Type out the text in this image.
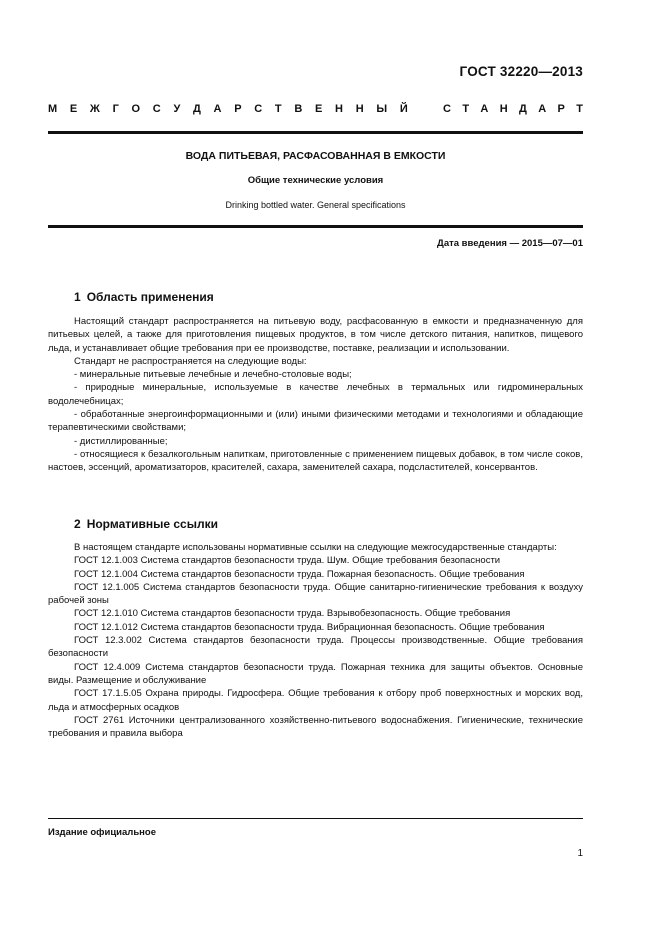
ГОСТ 32220—2013
М Е Ж Г О С У Д А Р С Т В Е Н Н Ы Й	С Т А Н Д А Р Т
ВОДА ПИТЬЕВАЯ, РАСФАСОВАННАЯ В ЕМКОСТИ
Общие технические условия
Drinking bottled water. General specifications
Дата введения — 2015—07—01
1 Область применения

Настоящий стандарт распространяется на питьевую воду, расфасованную в емкости и предназначенную для питьевых целей, а также для приготовления пищевых продуктов, в том числе детского питания, напитков, пищевого льда, и устанавливает общие требования при ее производстве, поставке, реализации и использовании.

Стандарт не распространяется на следующие воды:

- минеральные питьевые лечебные и лечебно-столовые воды;

- природные минеральные, используемые в качестве лечебных в термальных или гидроминеральных водолечебницах;

- обработанные энергоинформационными и (или) иными физическими методами и технологиями и обладающие терапевтическими свойствами;

- дистиллированные;

- относящиеся к безалкогольным напиткам, приготовленные с применением пищевых добавок, в том числе соков, настоев, эссенций, ароматизаторов, красителей, сахара, заменителей сахара, подсластителей, консервантов.

2 Нормативные ссылки

В настоящем стандарте использованы нормативные ссылки на следующие межгосударственные стандарты:

ГОСТ 12.1.003 Система стандартов безопасности труда. Шум. Общие требования безопасности

ГОСТ 12.1.004 Система стандартов безопасности труда. Пожарная безопасность. Общие требования

ГОСТ 12.1.005 Система стандартов безопасности труда. Общие санитарно-гигиенические требования к воздуху рабочей зоны

ГОСТ 12.1.010 Система стандартов безопасности труда. Взрывобезопасность. Общие требования

ГОСТ 12.1.012 Система стандартов безопасности труда. Вибрационная безопасность. Общие требования

ГОСТ 12.3.002 Система стандартов безопасности труда. Процессы производственные. Общие требования безопасности

ГОСТ 12.4.009 Система стандартов безопасности труда. Пожарная техника для защиты объектов. Основные виды. Размещение и обслуживание

ГОСТ 17.1.5.05 Охрана природы. Гидросфера. Общие требования к отбору проб поверхностных и морских вод, льда и атмосферных осадков

ГОСТ 2761 Источники централизованного хозяйственно-питьевого водоснабжения. Гигиенические, технические требования и правила выбора

Издание официальное
1
